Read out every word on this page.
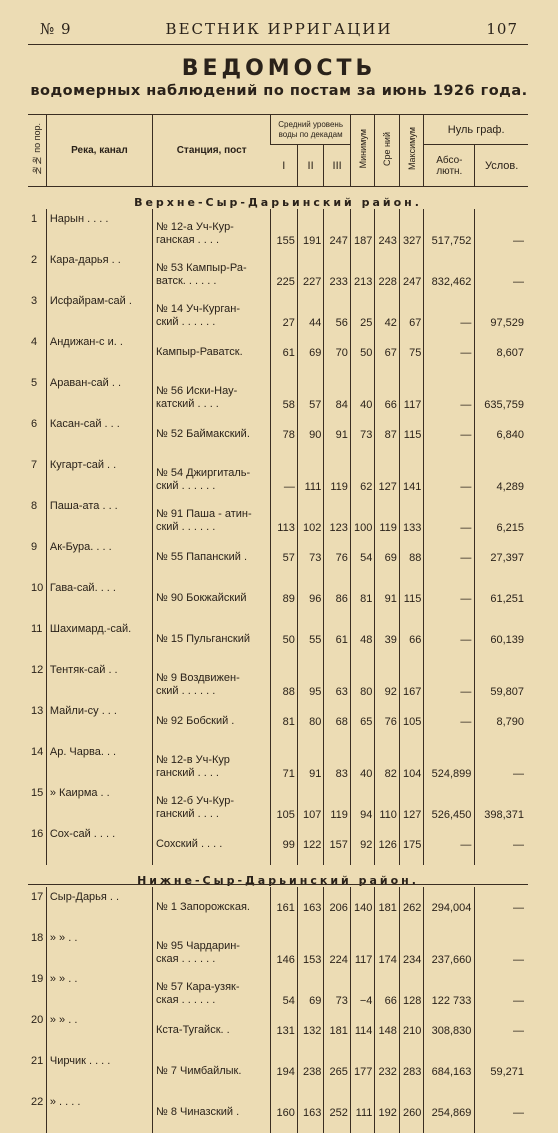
№ 9	ВЕСТНИК ИРРИГАЦИИ	107
ВЕДОМОСТЬ
водомерных наблюдений по постам за июнь 1926 года.
№№ по пор.	Река, канал	Станция, пост	Средний уровень воды по декадам			Минимум	Сре ний	Максимум	Нуль граф.	
			I	II	III				Абсо-лютн.	Услов.
Верхне-Сыр-Дарьинский район.										
1	Нарын . . . .	№ 12-а Уч-Кур-
ганская . . . .	155	191	247	187	243	327	517,752	—
2	Кара-дарья . .	№ 53 Кампыр-Ра-
ватск. . . . . .	225	227	233	213	228	247	832,462	—
3	Исфайрам-сай .	№ 14 Уч-Курган-
ский . . . . . .	27	44	56	25	42	67	—	97,529
4	Андижан-с и. .	Кампыр-Раватск.	61	69	70	50	67	75	—	8,607
5	Араван-сай . .	№ 56 Иски-Нау-
катский . . . .	58	57	84	40	66	117	—	635,759
6	Касан-сай . . .	№ 52 Баймакский.	78	90	91	73	87	115	—	6,840
7	Кугарт-сай . .	№ 54 Джиргиталь-
ский . . . . . .	—	111	119	62	127	141	—	4,289
8	Паша-ата . . .	№ 91 Паша - атин-
ский . . . . . .	113	102	123	100	119	133	—	6,215
9	Ак-Бура. . . .	№ 55 Папанский .	57	73	76	54	69	88	—	27,397
10	Гава-сай. . . .	№ 90 Бокжайский	89	96	86	81	91	115	—	61,251
11	Шахимард.-сай.	№ 15 Пульганский	50	55	61	48	39	66	—	60,139
12	Тентяк-сай . .	№ 9 Воздвижен-
ский . . . . . .	88	95	63	80	92	167	—	59,807
13	Майли-су . . .	№ 92 Бобский .	81	80	68	65	76	105	—	8,790
14	Ар. Чарва. . .	№ 12-в Уч-Кур
ганский . . . .	71	91	83	40	82	104	524,899	—
15	» Каирма . .	№ 12-б Уч-Кур-
ганский . . . .	105	107	119	94	110	127	526,450	398,371
16	Сох-сай . . . .	Сохский . . . .	99	122	157	92	126	175	—	—
Нижне-Сыр-Дарьинский район.										
17	Сыр-Дарья . .	№ 1 Запорожская.	161	163	206	140	181	262	294,004	—
18	» » . .	№ 95 Чардарин-
ская . . . . . .	146	153	224	117	174	234	237,660	—
19	» » . .	№ 57 Кара-узяк-
ская . . . . . .	54	69	73	−4	66	128	122 733	—
20	» » . .	Кста-Тугайск. .	131	132	181	114	148	210	308,830	—
21	Чирчик . . . .	№ 7 Чимбайлык.	194	238	265	177	232	283	684,163	59,271
22	» . . . .	№ 8 Чиназский .	160	163	252	111	192	260	254,869	—
